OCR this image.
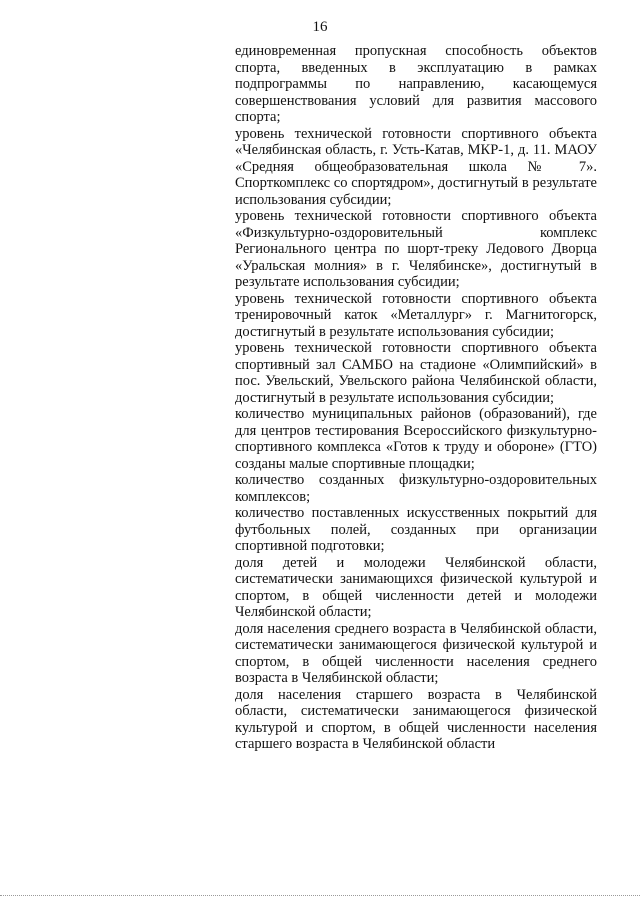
16

единовременная пропускная способность объектов спорта, введенных в эксплуатацию в рамках подпрограммы по направлению, касающемуся совершенствования условий для развития массового спорта;

уровень технической готовности спортивного объекта «Челябинская область, г. Усть-Катав, МКР-1, д. 11. МАОУ «Средняя общеобразовательная школа № 7». Спорткомплекс со спортядром», достигнутый в результате использования субсидии;

уровень технической готовности спортивного объекта «Физкультурно-оздоровительный комплекс Регионального центра по шорт-треку Ледового Дворца «Уральская молния» в г. Челябинске», достигнутый в результате использования субсидии;

уровень технической готовности спортивного объекта тренировочный каток «Металлург» г. Магнитогорск, достигнутый в результате использования субсидии;

уровень технической готовности спортивного объекта спортивный зал САМБО на стадионе «Олимпийский» в пос. Увельский, Увельского района Челябинской области, достигнутый в результате использования субсидии;

количество муниципальных районов (образований), где для центров тестирования Всероссийского физкультурно-спортивного комплекса «Готов к труду и обороне» (ГТО) созданы малые спортивные площадки;

количество созданных физкультурно-оздоровительных комплексов;

количество поставленных искусственных покрытий для футбольных полей, созданных при организации спортивной подготовки;

доля детей и молодежи Челябинской области, систематически занимающихся физической культурой и спортом, в общей численности детей и молодежи Челябинской области;

доля населения среднего возраста в Челябинской области, систематически занимающегося физической культурой и спортом, в общей численности населения среднего возраста в Челябинской области;

доля населения старшего возраста в Челябинской области, систематически занимающегося физической культурой и спортом, в общей численности населения старшего возраста в Челябинской области
